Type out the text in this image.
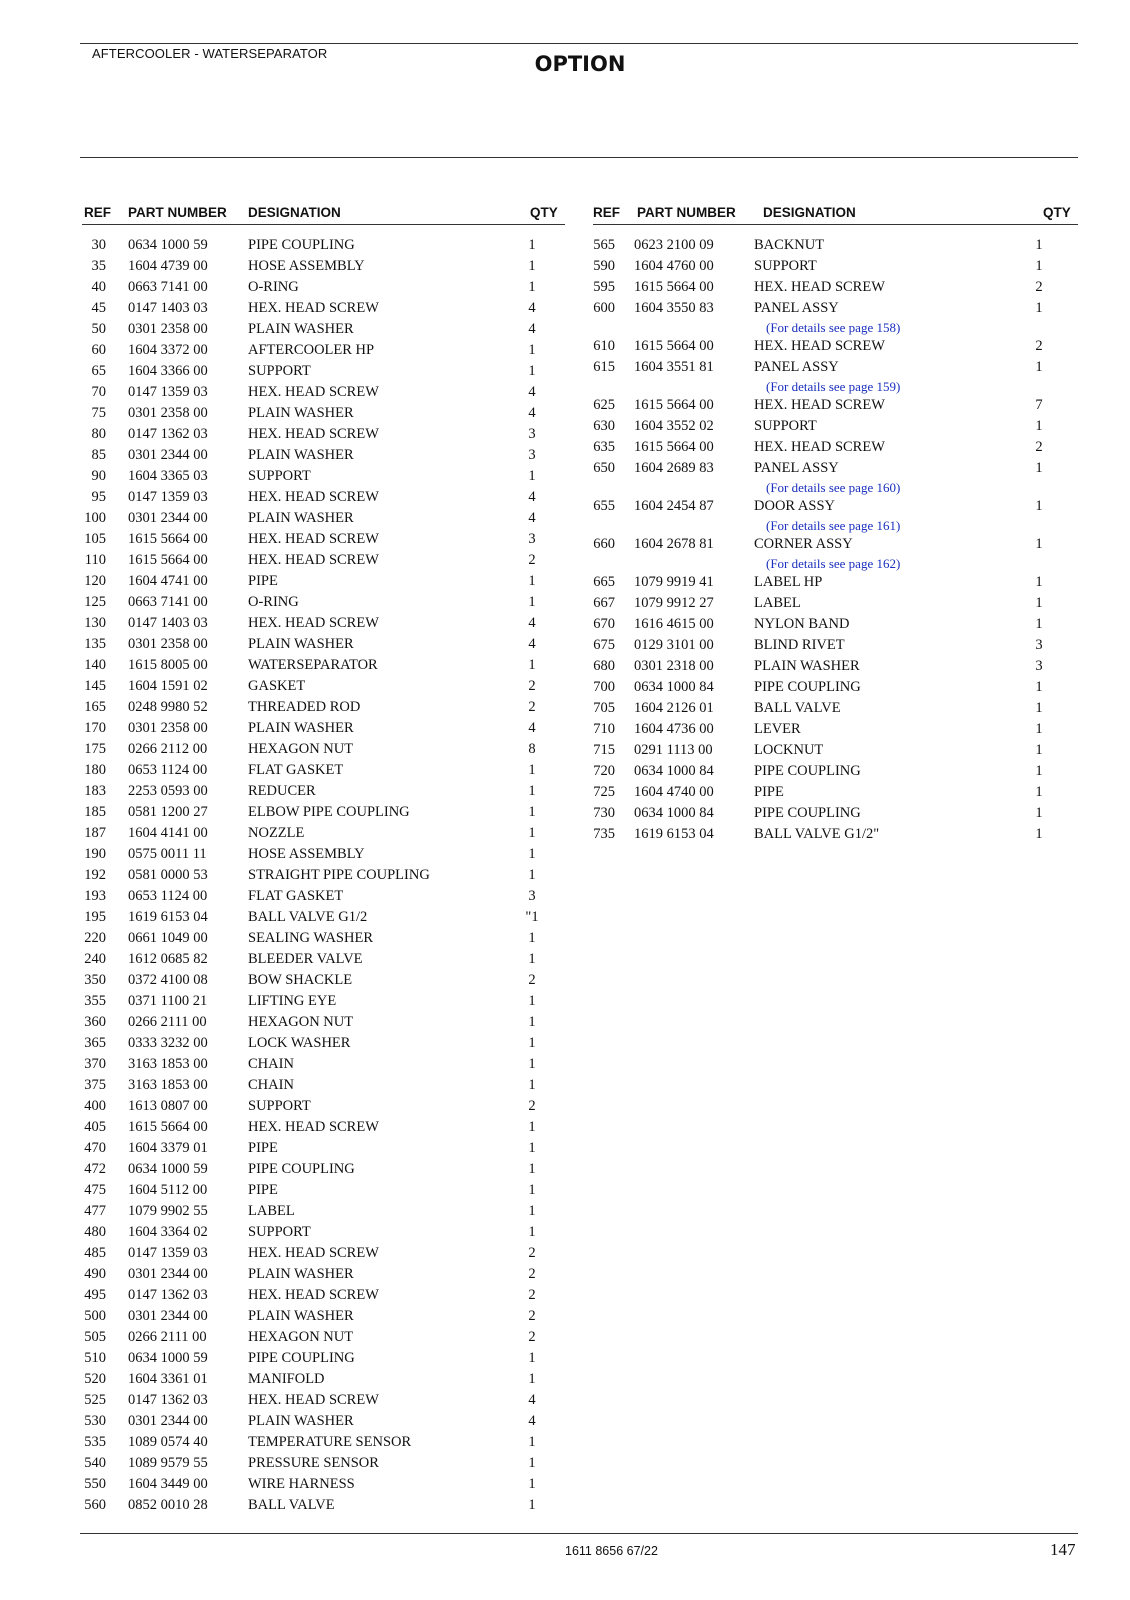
AFTERCOOLER - WATERSEPARATOR	OPTION
REF PART NUMBER DESIGNATION	QTY
30 0634 1000 59	PIPE COUPLING	1
35 1604 4739 00	HOSE ASSEMBLY	1
40 0663 7141 00	O-RING	1
45 0147 1403 03	HEX. HEAD SCREW	4
50 0301 2358 00	PLAIN WASHER	4
60 1604 3372 00	AFTERCOOLER HP	1
65 1604 3366 00	SUPPORT	1
70 0147 1359 03	HEX. HEAD SCREW	4
75 0301 2358 00	PLAIN WASHER	4
80 0147 1362 03	HEX. HEAD SCREW	3
85 0301 2344 00	PLAIN WASHER	3
90 1604 3365 03	SUPPORT	1
95 0147 1359 03	HEX. HEAD SCREW	4
100 0301 2344 00	PLAIN WASHER	4
105 1615 5664 00	HEX. HEAD SCREW	3
110 1615 5664 00	HEX. HEAD SCREW	2
120 1604 4741 00	PIPE	1
125 0663 7141 00	O-RING	1
130 0147 1403 03	HEX. HEAD SCREW	4
135 0301 2358 00	PLAIN WASHER	4
140 1615 8005 00	WATERSEPARATOR	1
145 1604 1591 02	GASKET	2
165 0248 9980 52	THREADED ROD	2
170 0301 2358 00	PLAIN WASHER	4
175 0266 2112 00	HEXAGON NUT	8
180 0653 1124 00	FLAT GASKET	1
183 2253 0593 00	REDUCER	1
185 0581 1200 27	ELBOW PIPE COUPLING	1
187 1604 4141 00	NOZZLE	1
190 0575 0011 11	HOSE ASSEMBLY	1
192 0581 0000 53	STRAIGHT PIPE COUPLING	1
193 0653 1124 00	FLAT GASKET	3
195 1619 6153 04	BALL VALVE G1/2	"1
220 0661 1049 00	SEALING WASHER	1
240 1612 0685 82	BLEEDER VALVE	1
350 0372 4100 08	BOW SHACKLE	2
355 0371 1100 21	LIFTING EYE	1
360 0266 2111 00	HEXAGON NUT	1
365 0333 3232 00	LOCK WASHER	1
370 3163 1853 00	CHAIN	1
375 3163 1853 00	CHAIN	1
400 1613 0807 00	SUPPORT	2
405 1615 5664 00	HEX. HEAD SCREW	1
470 1604 3379 01	PIPE	1
472 0634 1000 59	PIPE COUPLING	1
475 1604 5112 00	PIPE	1
477 1079 9902 55	LABEL	1
480 1604 3364 02	SUPPORT	1
485 0147 1359 03	HEX. HEAD SCREW	2
490 0301 2344 00	PLAIN WASHER	2
495 0147 1362 03	HEX. HEAD SCREW	2
500 0301 2344 00	PLAIN WASHER	2
505 0266 2111 00	HEXAGON NUT	2
510 0634 1000 59	PIPE COUPLING	1
520 1604 3361 01	MANIFOLD	1
525 0147 1362 03	HEX. HEAD SCREW	4
530 0301 2344 00	PLAIN WASHER	4
535 1089 0574 40	TEMPERATURE SENSOR	1
540 1089 9579 55	PRESSURE SENSOR	1
550 1604 3449 00	WIRE HARNESS	1
560 0852 0010 28	BALL VALVE	1
REF PART NUMBER DESIGNATION	QTY
565 0623 2100 09	BACKNUT	1
590 1604 4760 00	SUPPORT	1
595 1615 5664 00	HEX. HEAD SCREW	2
600 1604 3550 83	PANEL ASSY	1
(For details see page 158)
610 1615 5664 00	HEX. HEAD SCREW	2
615 1604 3551 81	PANEL ASSY	1
(For details see page 159)
625 1615 5664 00	HEX. HEAD SCREW	7
630 1604 3552 02	SUPPORT	1
635 1615 5664 00	HEX. HEAD SCREW	2
650 1604 2689 83	PANEL ASSY	1
(For details see page 160)
655 1604 2454 87	DOOR ASSY	1
(For details see page 161)
660 1604 2678 81	CORNER ASSY	1
(For details see page 162)
665 1079 9919 41	LABEL HP	1
667 1079 9912 27	LABEL	1
670 1616 4615 00	NYLON BAND	1
675 0129 3101 00	BLIND RIVET	3
680 0301 2318 00	PLAIN WASHER	3
700 0634 1000 84	PIPE COUPLING	1
705 1604 2126 01	BALL VALVE	1
710 1604 4736 00	LEVER	1
715 0291 1113 00	LOCKNUT	1
720 0634 1000 84	PIPE COUPLING	1
725 1604 4740 00	PIPE	1
730 0634 1000 84	PIPE COUPLING	1
735 1619 6153 04	BALL VALVE G1/2"	1
1611 8656 67/22	147
